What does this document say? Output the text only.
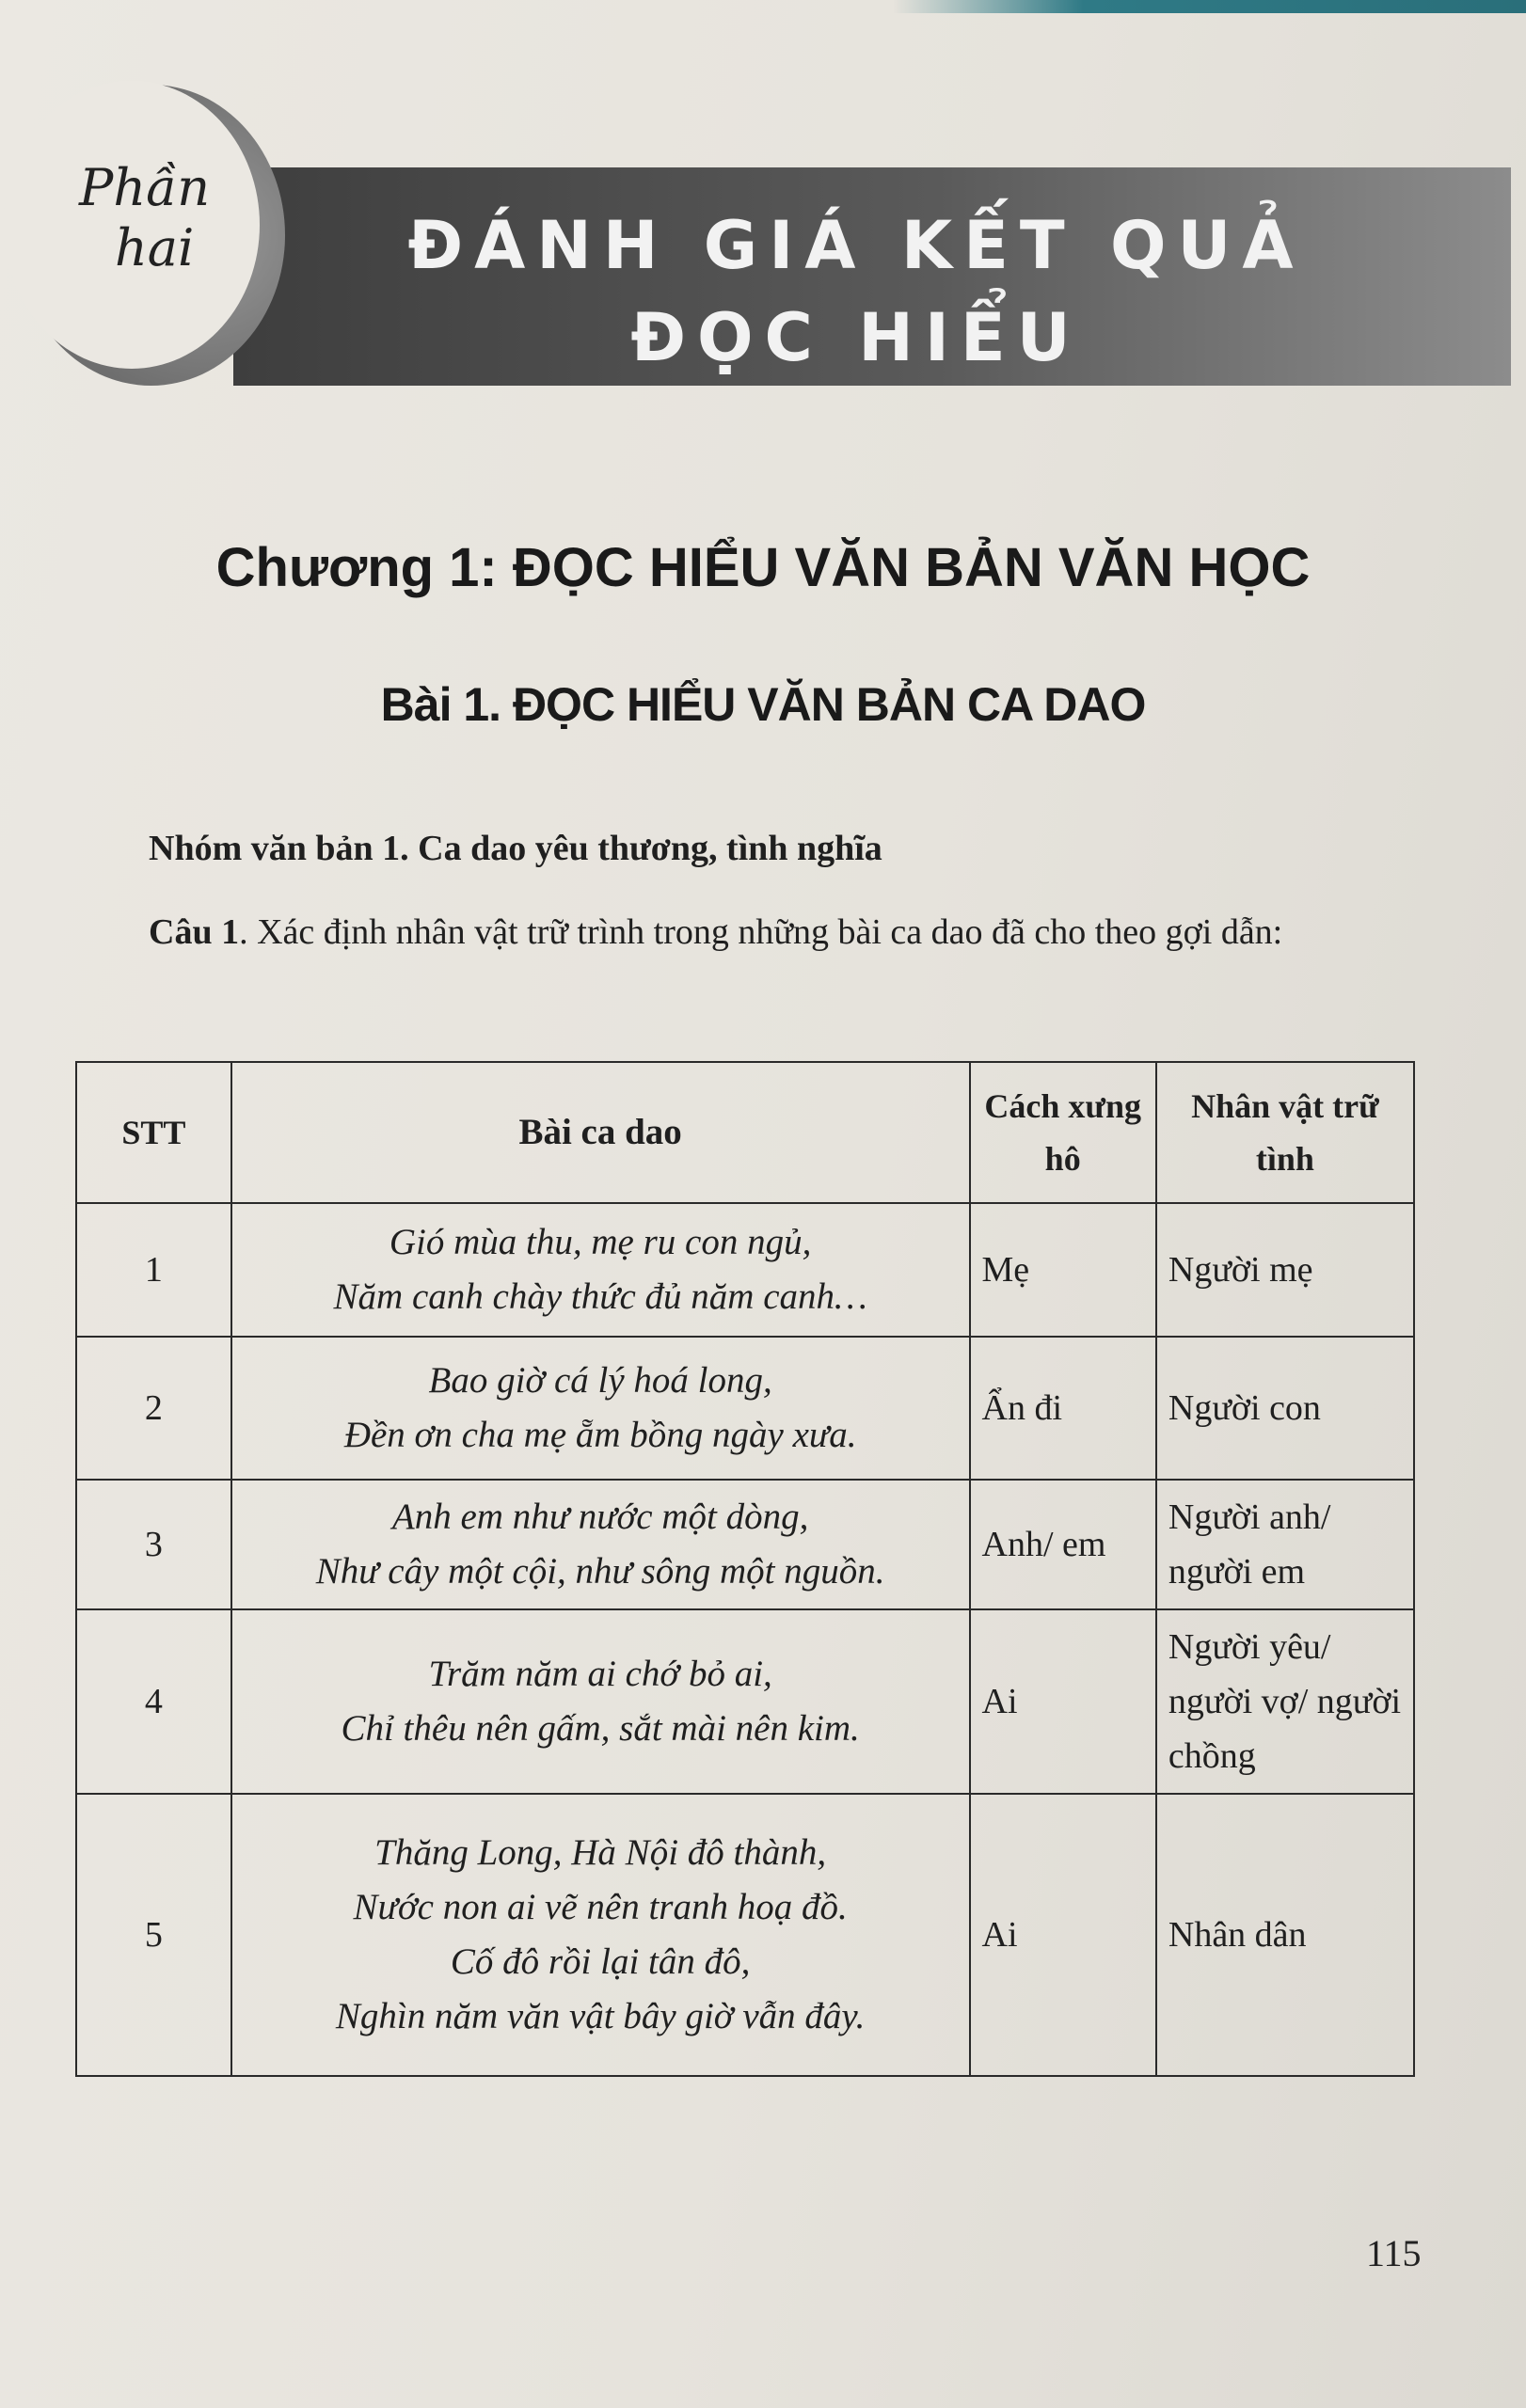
Phần
hai	ĐÁNH GIÁ KẾT QUẢ
ĐỌC HIỂU
Chương 1: ĐỌC HIỂU VĂN BẢN VĂN HỌC
Bài 1. ĐỌC HIỂU VĂN BẢN CA DAO
Nhóm văn bản 1. Ca dao yêu thương, tình nghĩa
Câu 1. Xác định nhân vật trữ trình trong những bài ca dao đã cho theo gợi dẫn:
STT	Bài ca dao	Cách xưng hô	Nhân vật trữ tình
1	Gió mùa thu, mẹ ru con ngủ,
Năm canh chày thức đủ năm canh…	Mẹ	Người mẹ
2	Bao giờ cá lý hoá long,
Đền ơn cha mẹ ẵm bồng ngày xưa.	Ẩn đi	Người con
3	Anh em như nước một dòng,
Như cây một cội, như sông một nguồn.	Anh/ em	Người anh/ người em
4	Trăm năm ai chớ bỏ ai,
Chỉ thêu nên gấm, sắt mài nên kim.	Ai	Người yêu/ người vợ/ người chồng
5	Thăng Long, Hà Nội đô thành,
Nước non ai vẽ nên tranh hoạ đồ.
Cố đô rồi lại tân đô,
Nghìn năm văn vật bây giờ vẫn đây.	Ai	Nhân dân
115
